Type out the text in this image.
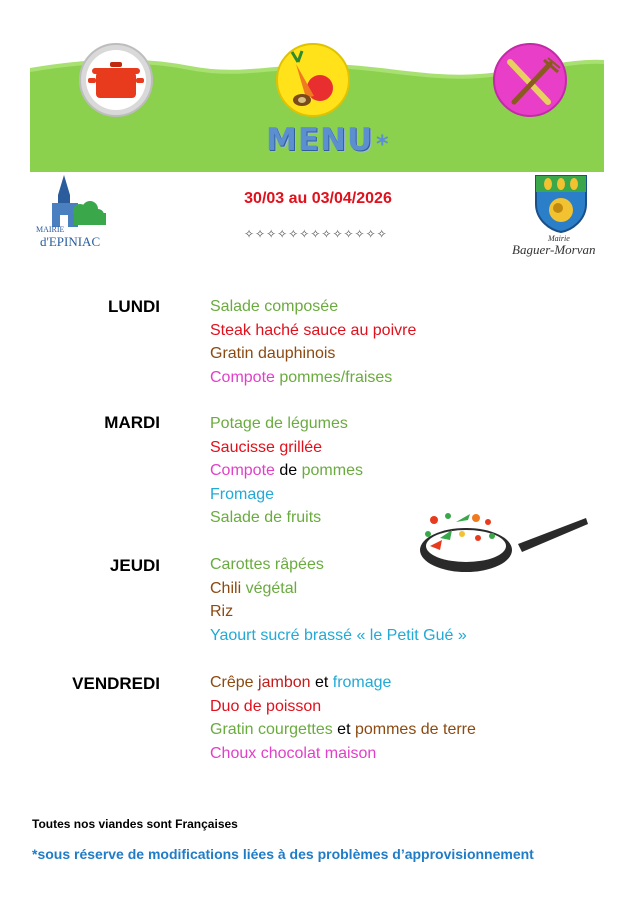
MENU *
30/03 au 03/04/2026
✧✧✧✧✧✧✧✧✧✧✧✧✧
MAIRIE
d'EPINIAC	Mairie
Baguer-Morvan
LUNDI	Salade composée
Steak haché sauce au poivre
Gratin dauphinois
Compote pommes/fraises
MARDI	Potage de légumes
Saucisse grillée
Compote de pommes
Fromage
Salade de fruits
JEUDI	Carottes râpées
Chili végétal
Riz
Yaourt sucré brassé « le Petit Gué »
VENDREDI	Crêpe jambon et fromage
Duo de poisson
Gratin courgettes et pommes de terre
Choux chocolat maison
Toutes nos viandes sont Françaises
*sous réserve de modifications liées à des problèmes d’approvisionnement
